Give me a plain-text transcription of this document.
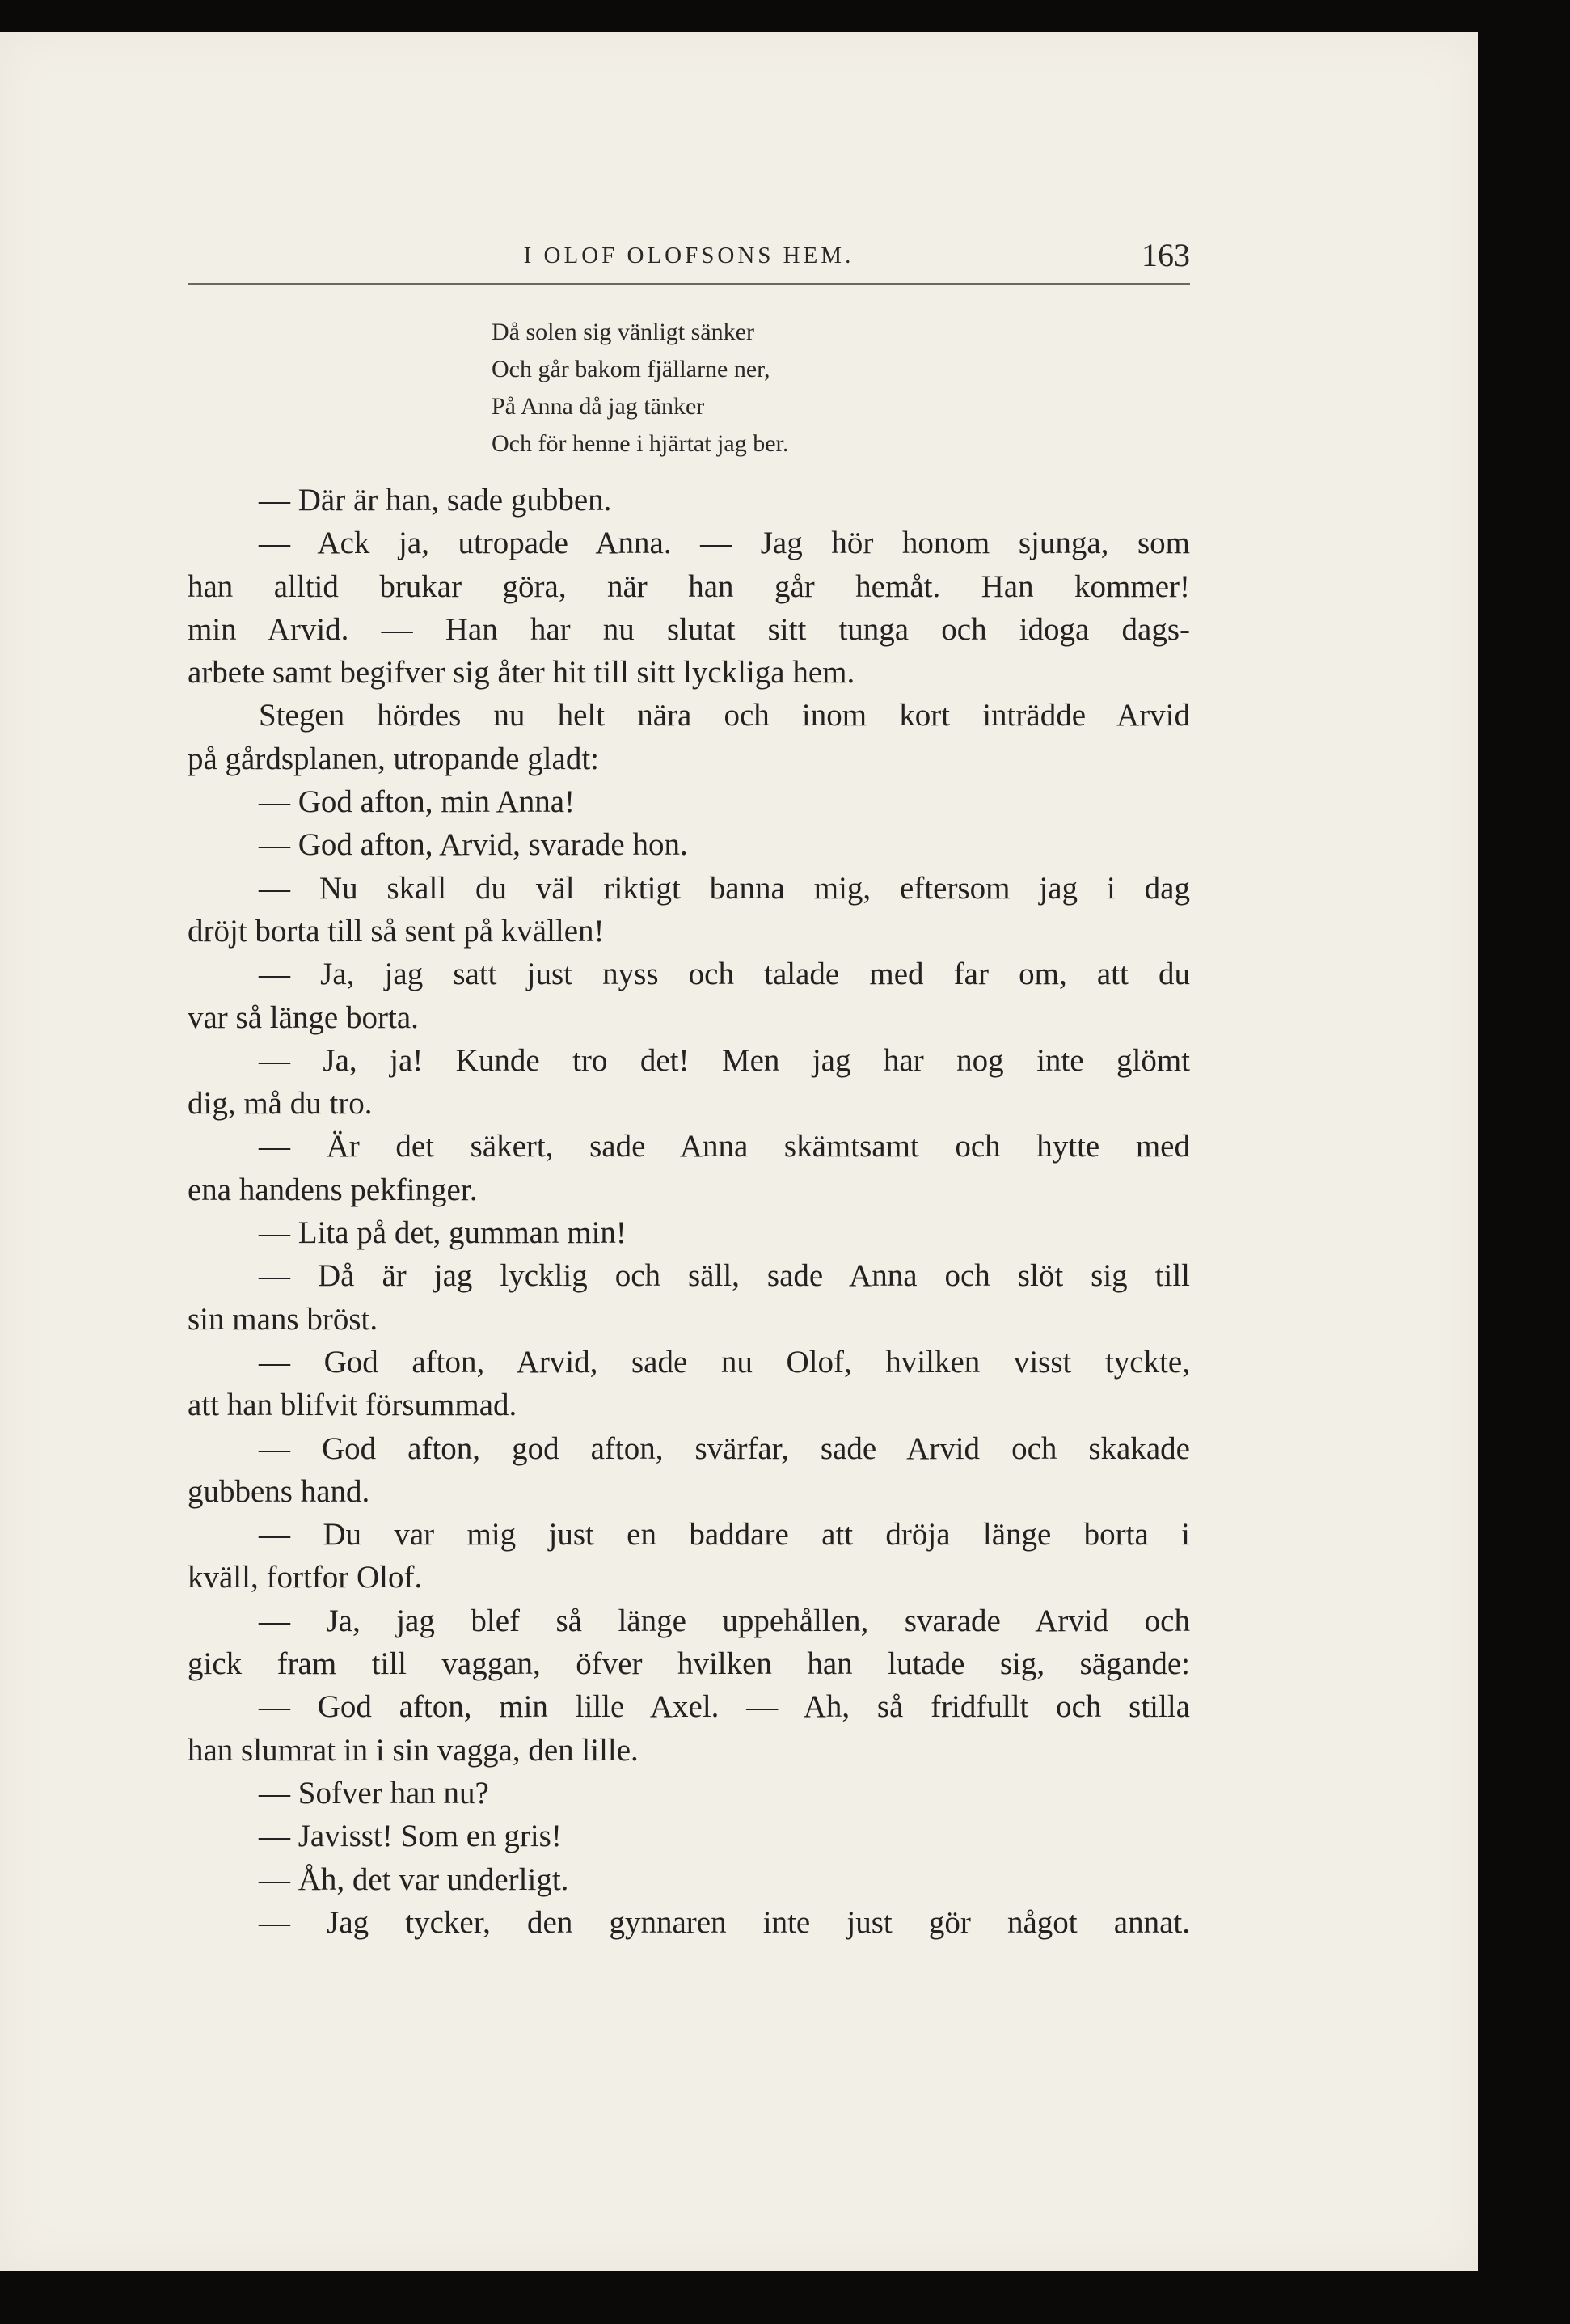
I OLOF OLOFSONS HEM.	163
Då solen sig vänligt sänker
Och går bakom fjällarne ner,
På Anna då jag tänker
Och för henne i hjärtat jag ber.
— Där är han, sade gubben.
— Ack ja, utropade Anna. — Jag hör honom sjunga, som
han alltid brukar göra, när han går hemåt. Han kommer!
min Arvid. — Han har nu slutat sitt tunga och idoga dags-
arbete samt begifver sig åter hit till sitt lyckliga hem.
Stegen hördes nu helt nära och inom kort inträdde Arvid
på gårdsplanen, utropande gladt:
— God afton, min Anna!
— God afton, Arvid, svarade hon.
— Nu skall du väl riktigt banna mig, eftersom jag i dag
dröjt borta till så sent på kvällen!
— Ja, jag satt just nyss och talade med far om, att du
var så länge borta.
— Ja, ja! Kunde tro det! Men jag har nog inte glömt
dig, må du tro.
— Är det säkert, sade Anna skämtsamt och hytte med
ena handens pekfinger.
— Lita på det, gumman min!
— Då är jag lycklig och säll, sade Anna och slöt sig till
sin mans bröst.
— God afton, Arvid, sade nu Olof, hvilken visst tyckte,
att han blifvit försummad.
— God afton, god afton, svärfar, sade Arvid och skakade
gubbens hand.
— Du var mig just en baddare att dröja länge borta i
kväll, fortfor Olof.
— Ja, jag blef så länge uppehållen, svarade Arvid och
gick fram till vaggan, öfver hvilken han lutade sig, sägande:
— God afton, min lille Axel. — Ah, så fridfullt och stilla
han slumrat in i sin vagga, den lille.
— Sofver han nu?
— Javisst! Som en gris!
— Åh, det var underligt.
— Jag tycker, den gynnaren inte just gör något annat.
